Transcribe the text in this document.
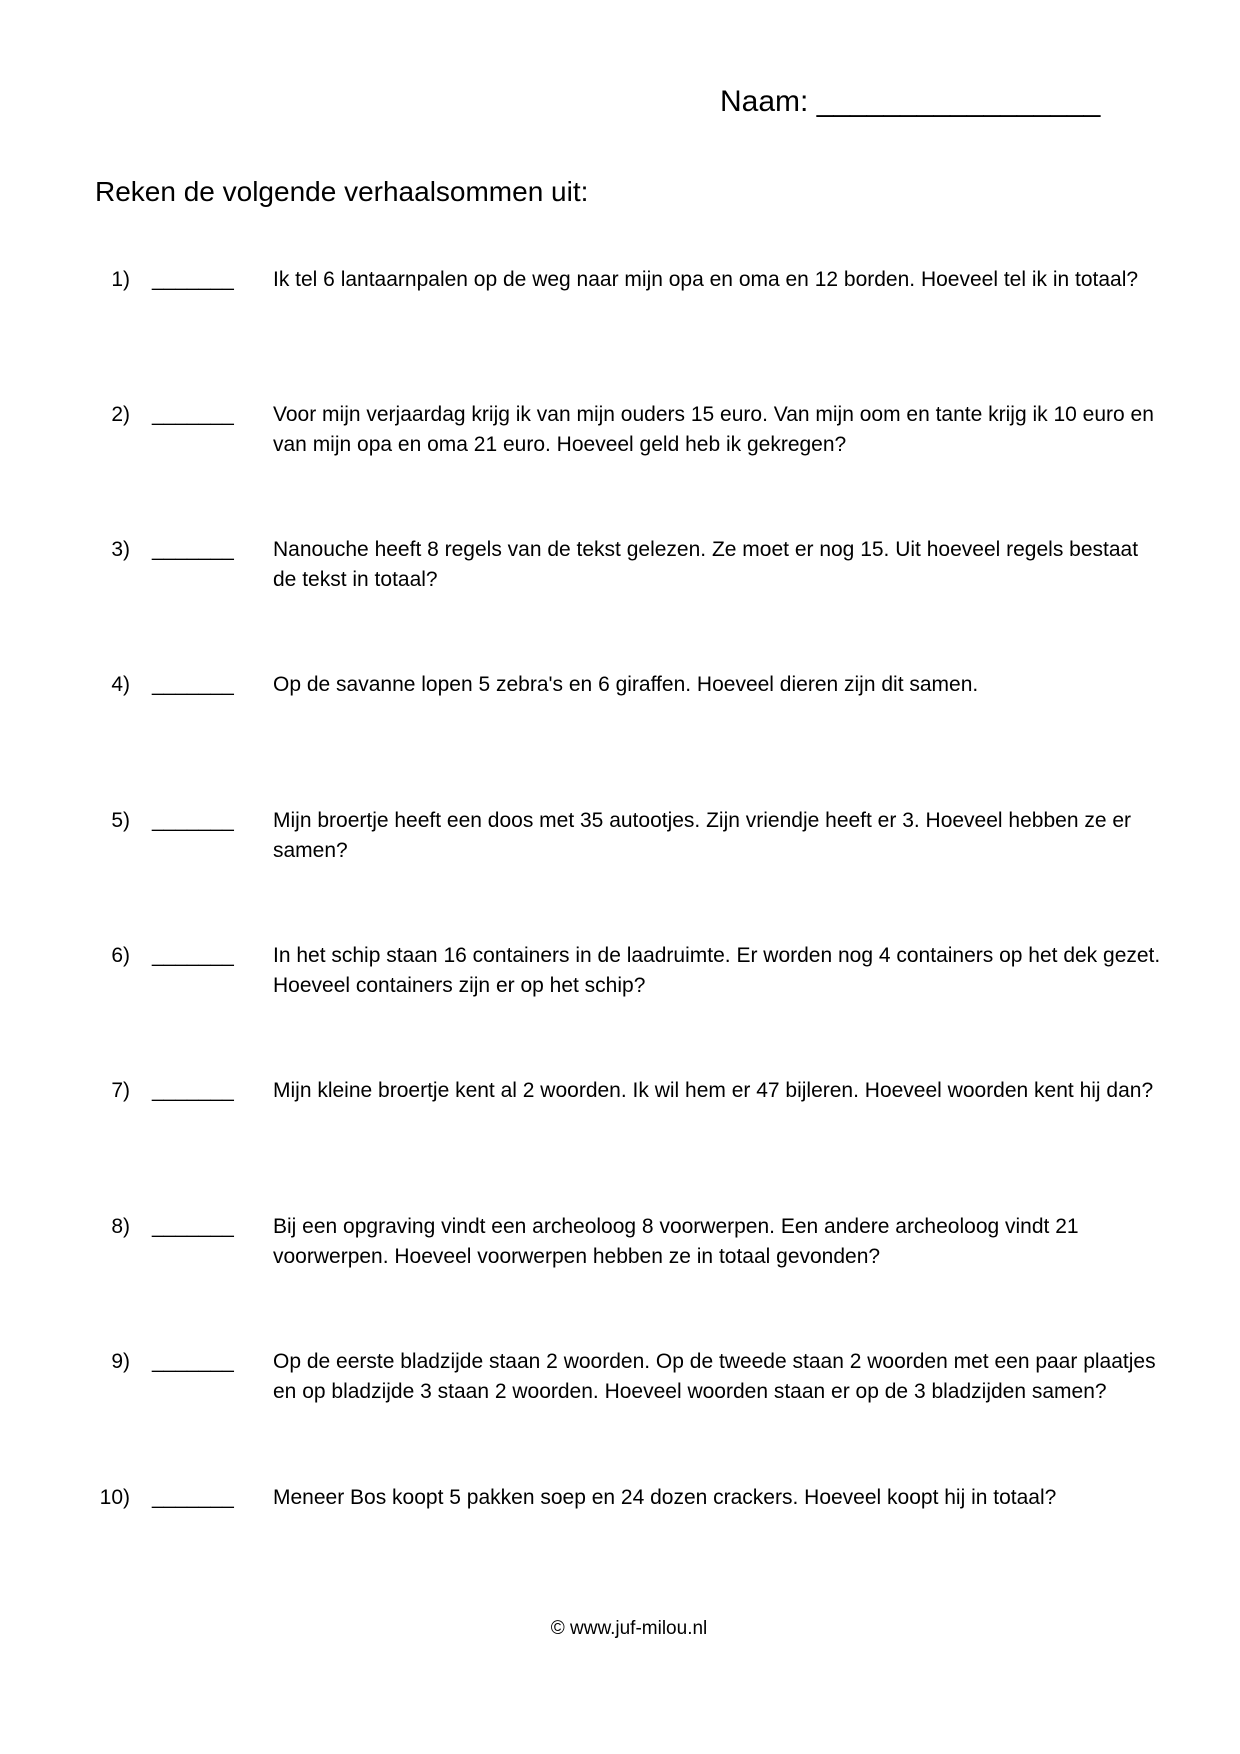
Naam: _________________
Reken de volgende verhaalsommen uit:
1) _______ Ik tel 6 lantaarnpalen op de weg naar mijn opa en oma en 12 borden. Hoeveel tel ik in totaal?
2) _______ Voor mijn verjaardag krijg ik van mijn ouders 15 euro. Van mijn oom en tante krijg ik 10 euro en van mijn opa en oma 21 euro. Hoeveel geld heb ik gekregen?
3) _______ Nanouche heeft 8 regels van de tekst gelezen. Ze moet er nog 15. Uit hoeveel regels bestaat de tekst in totaal?
4) _______ Op de savanne lopen 5 zebra's en 6 giraffen. Hoeveel dieren zijn dit samen.
5) _______ Mijn broertje heeft een doos met 35 autootjes. Zijn vriendje heeft er 3. Hoeveel hebben ze er samen?
6) _______ In het schip staan 16 containers in de laadruimte. Er worden nog 4 containers op het dek gezet. Hoeveel containers zijn er op het schip?
7) _______ Mijn kleine broertje kent al 2 woorden. Ik wil hem er 47 bijleren. Hoeveel woorden kent hij dan?
8) _______ Bij een opgraving vindt een archeoloog 8 voorwerpen. Een andere archeoloog vindt 21 voorwerpen. Hoeveel voorwerpen hebben ze in totaal gevonden?
9) _______ Op de eerste bladzijde staan 2 woorden. Op de tweede staan 2 woorden met een paar plaatjes en op bladzijde 3 staan 2 woorden. Hoeveel woorden staan er op de 3 bladzijden samen?
10) _______ Meneer Bos koopt 5 pakken soep en 24 dozen crackers. Hoeveel koopt hij in totaal?
© www.juf-milou.nl
